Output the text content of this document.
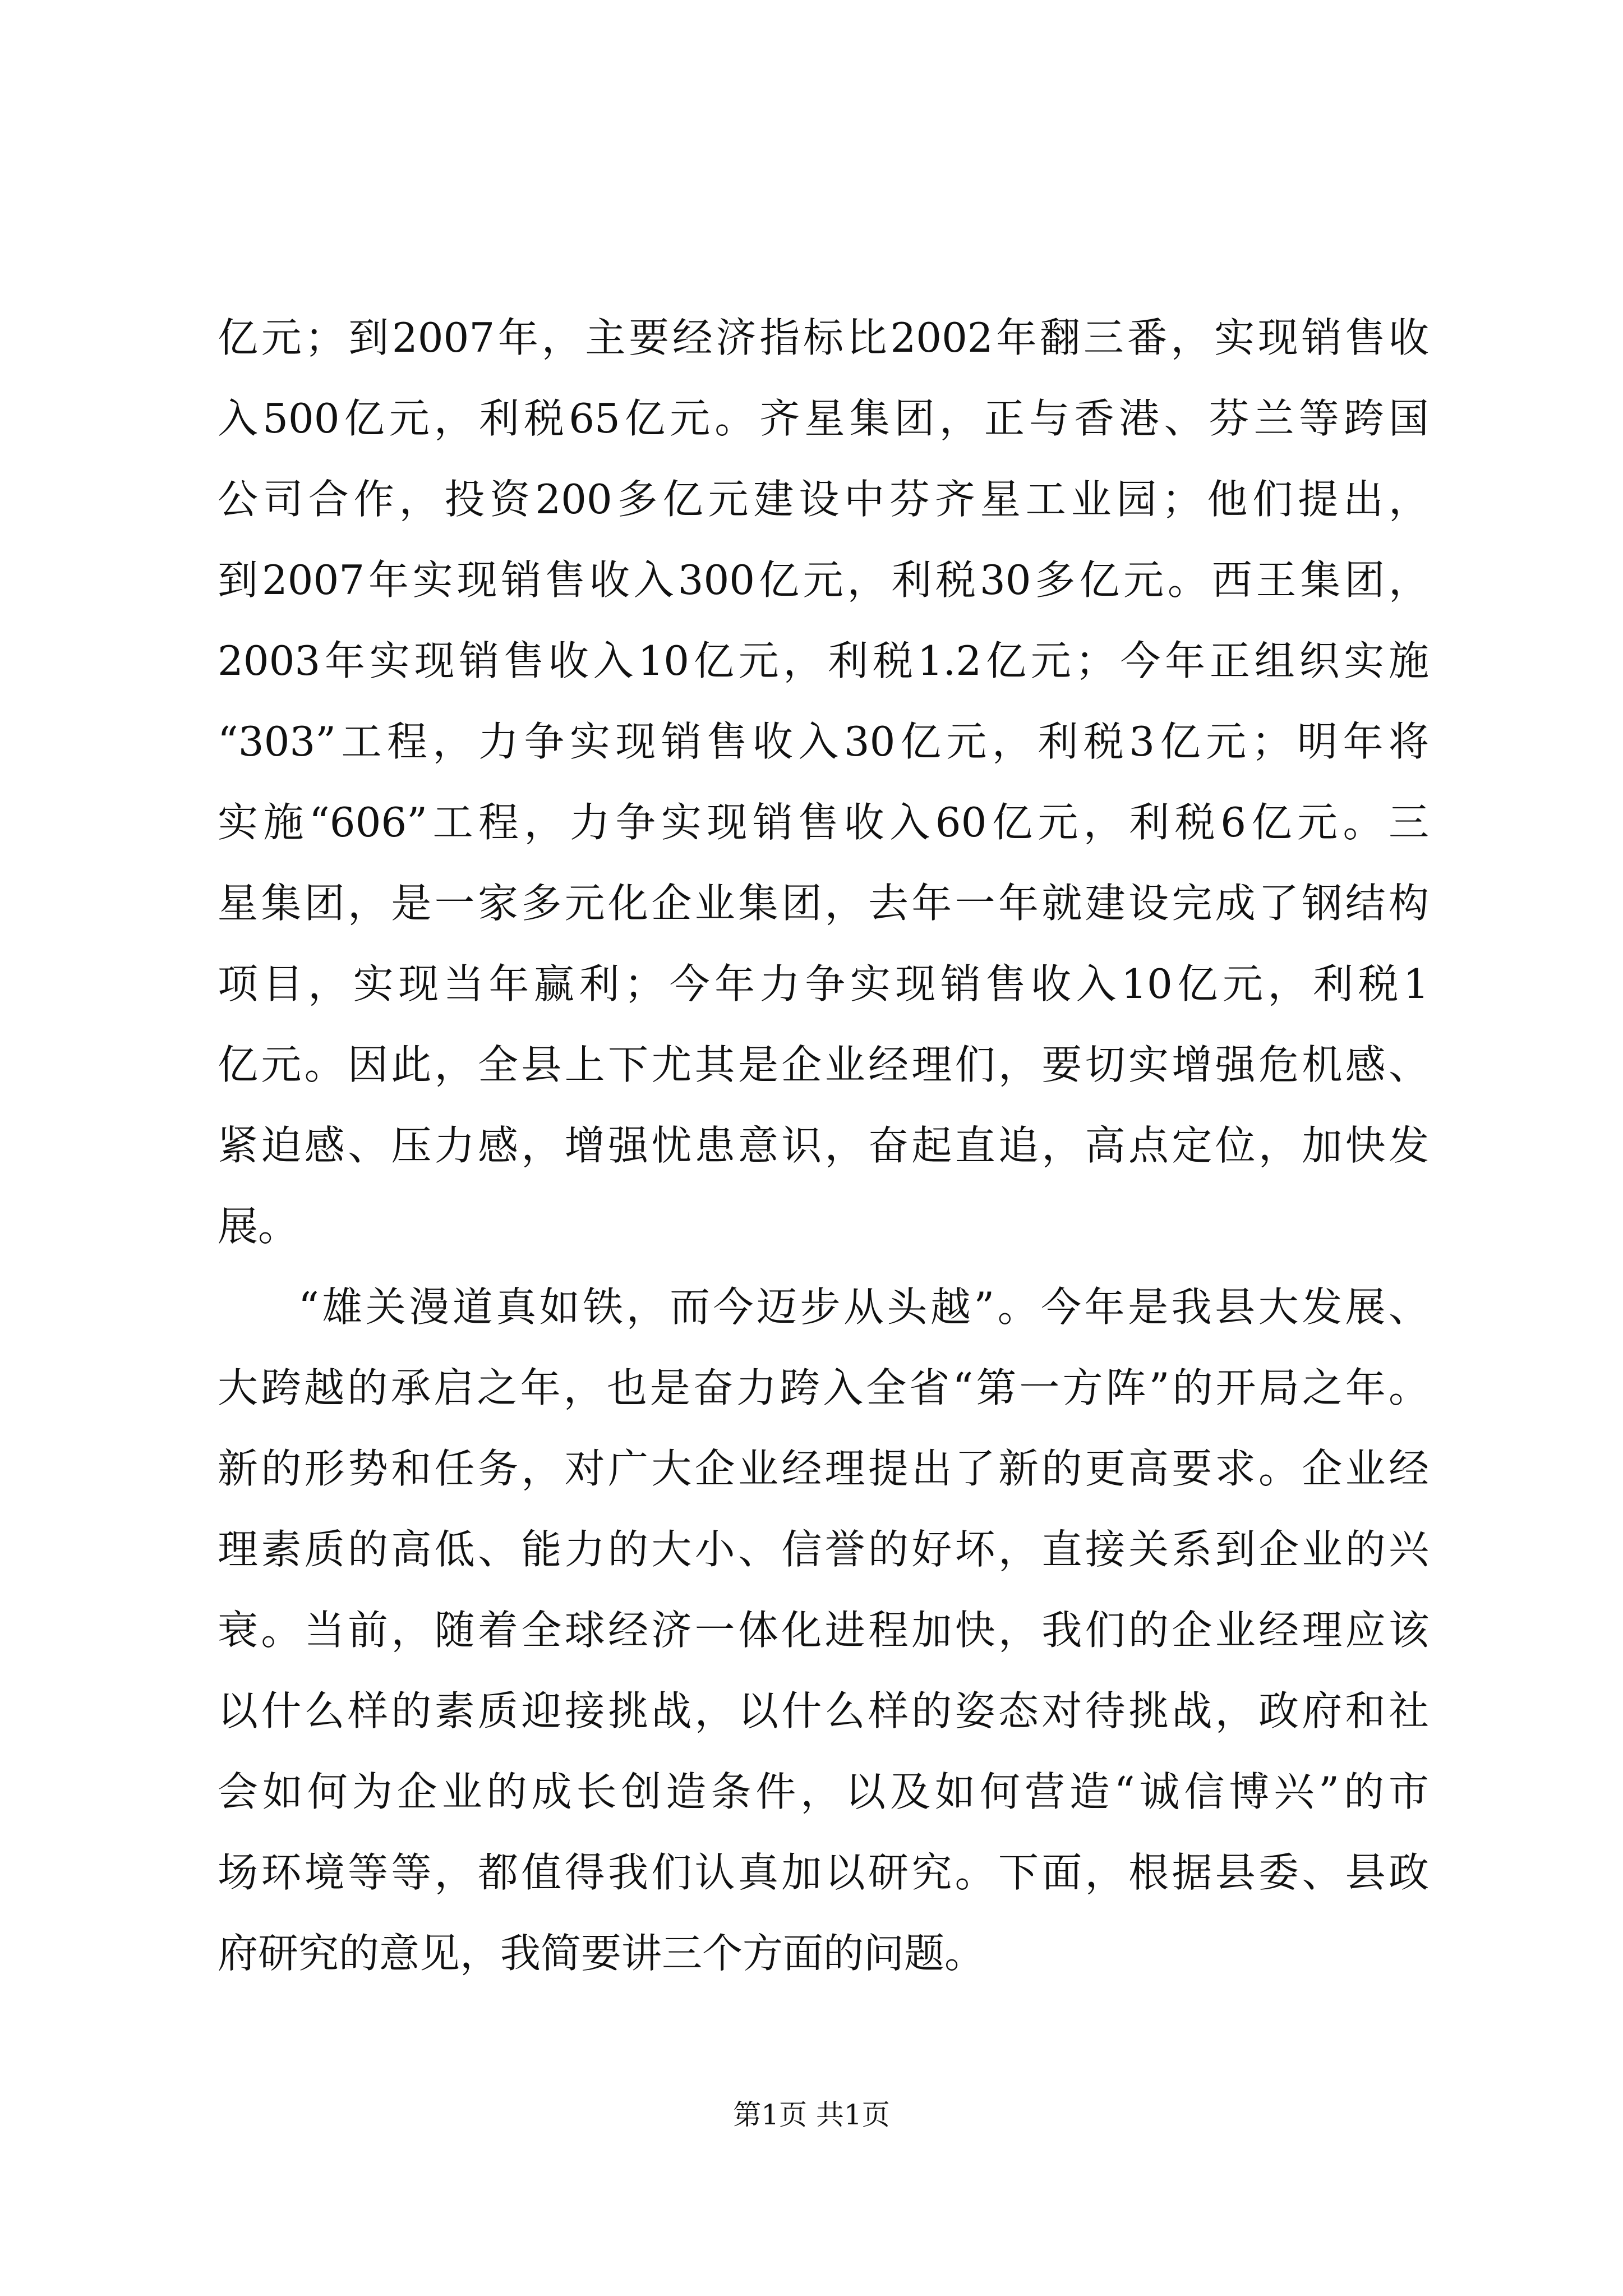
亿元；到2007年，主要经济指标比2002年翻三番，实现销售收
入500亿元，利税65亿元。齐星集团，正与香港、芬兰等跨国
公司合作，投资200多亿元建设中芬齐星工业园；他们提出，
到2007年实现销售收入300亿元，利税30多亿元。西王集团，
2003年实现销售收入10亿元，利税1.2亿元；今年正组织实施
“303”工程，力争实现销售收入30亿元，利税3亿元；明年将
实施“606”工程，力争实现销售收入60亿元，利税6亿元。三
星集团，是一家多元化企业集团，去年一年就建设完成了钢结构
项目，实现当年赢利；今年力争实现销售收入10亿元，利税1
亿元。因此，全县上下尤其是企业经理们，要切实增强危机感、
紧迫感、压力感，增强忧患意识，奋起直追，高点定位，加快发
展。
“雄关漫道真如铁，而今迈步从头越”。今年是我县大发展、
大跨越的承启之年，也是奋力跨入全省“第一方阵”的开局之年。
新的形势和任务，对广大企业经理提出了新的更高要求。企业经
理素质的高低、能力的大小、信誉的好坏，直接关系到企业的兴
衰。当前，随着全球经济一体化进程加快，我们的企业经理应该
以什么样的素质迎接挑战，以什么样的姿态对待挑战，政府和社
会如何为企业的成长创造条件，以及如何营造“诚信博兴”的市
场环境等等，都值得我们认真加以研究。下面，根据县委、县政
府研究的意见，我简要讲三个方面的问题。
第1页 共1页
